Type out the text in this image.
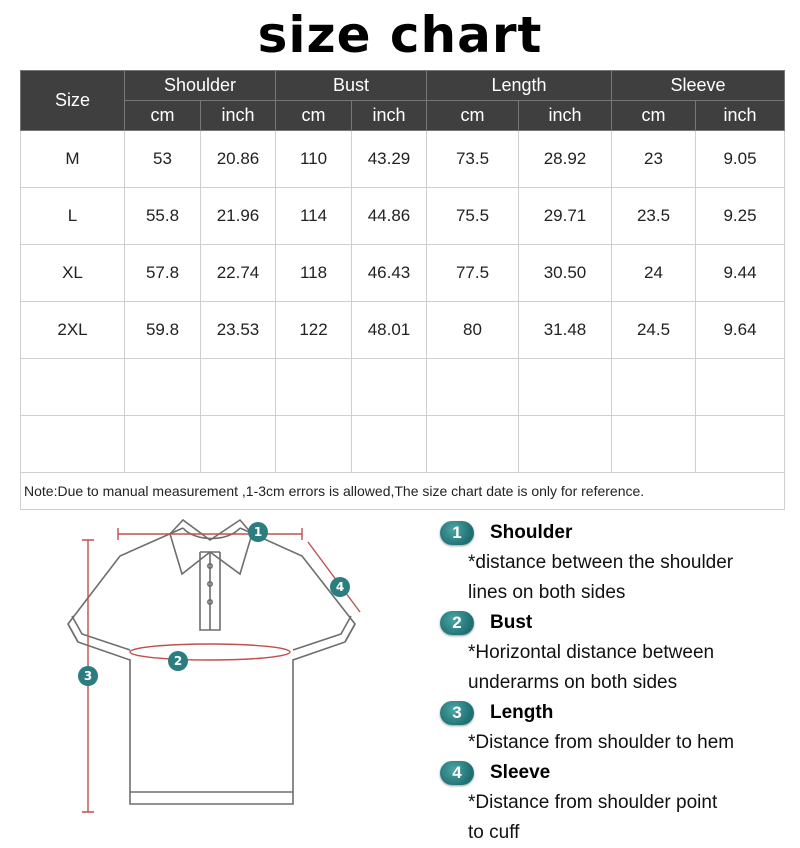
size chart
Size	Shoulder		Bust		Length		Sleeve	
	cm	inch	cm	inch	cm	inch	cm	inch
M	53	20.86	110	43.29	73.5	28.92	23	9.05
L	55.8	21.96	114	44.86	75.5	29.71	23.5	9.25
XL	57.8	22.74	118	46.43	77.5	30.50	24	9.44
2XL	59.8	23.53	122	48.01	80	31.48	24.5	9.64

Note:Due to manual measurement ,1-3cm errors is allowed,The size chart date is only for reference.								
1
2
3
4
1	Shoulder
*distance between the shoulder
lines on both sides
2	Bust
*Horizontal distance between
underarms on both sides
3	Length
*Distance from shoulder to hem
4	Sleeve
*Distance from shoulder point
to cuff
